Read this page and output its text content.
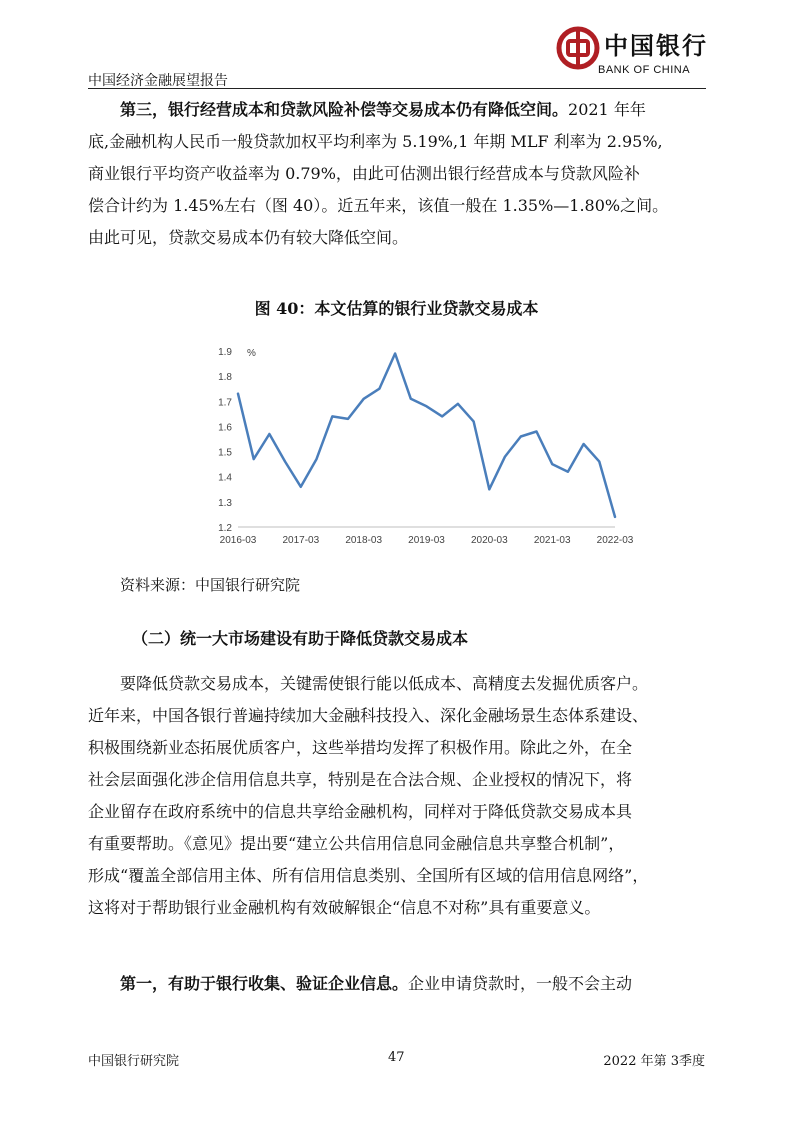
中国银行
BANK OF CHINA
中国经济金融展望报告
第三，银行经营成本和贷款风险补偿等交易成本仍有降低空间。2021 年年
底,金融机构人民币一般贷款加权平均利率为 5.19%,1 年期 MLF 利率为 2.95%,
商业银行平均资产收益率为 0.79%，由此可估测出银行经营成本与贷款风险补
偿合计约为 1.45%左右（图 40）。近五年来，该值一般在 1.35%—1.80%之间。
由此可见，贷款交易成本仍有较大降低空间。
图 40：本文估算的银行业贷款交易成本
1.2
1.3
1.4
1.5
1.6
1.7
1.8
1.9 %
2016-03	2017-03	2018-03	2019-03	2020-03	2021-03	2022-03
资料来源：中国银行研究院
（二）统一大市场建设有助于降低贷款交易成本
要降低贷款交易成本，关键需使银行能以低成本、高精度去发掘优质客户。
近年来，中国各银行普遍持续加大金融科技投入、深化金融场景生态体系建设、
积极围绕新业态拓展优质客户，这些举措均发挥了积极作用。除此之外，在全
社会层面强化涉企信用信息共享，特别是在合法合规、企业授权的情况下，将
企业留存在政府系统中的信息共享给金融机构，同样对于降低贷款交易成本具
有重要帮助。《意见》提出要“建立公共信用信息同金融信息共享整合机制”，
形成“覆盖全部信用主体、所有信用信息类别、全国所有区域的信用信息网络”，
这将对于帮助银行业金融机构有效破解银企“信息不对称”具有重要意义。
第一，有助于银行收集、验证企业信息。企业申请贷款时，一般不会主动
中国银行研究院	47	2022 年第 3季度
